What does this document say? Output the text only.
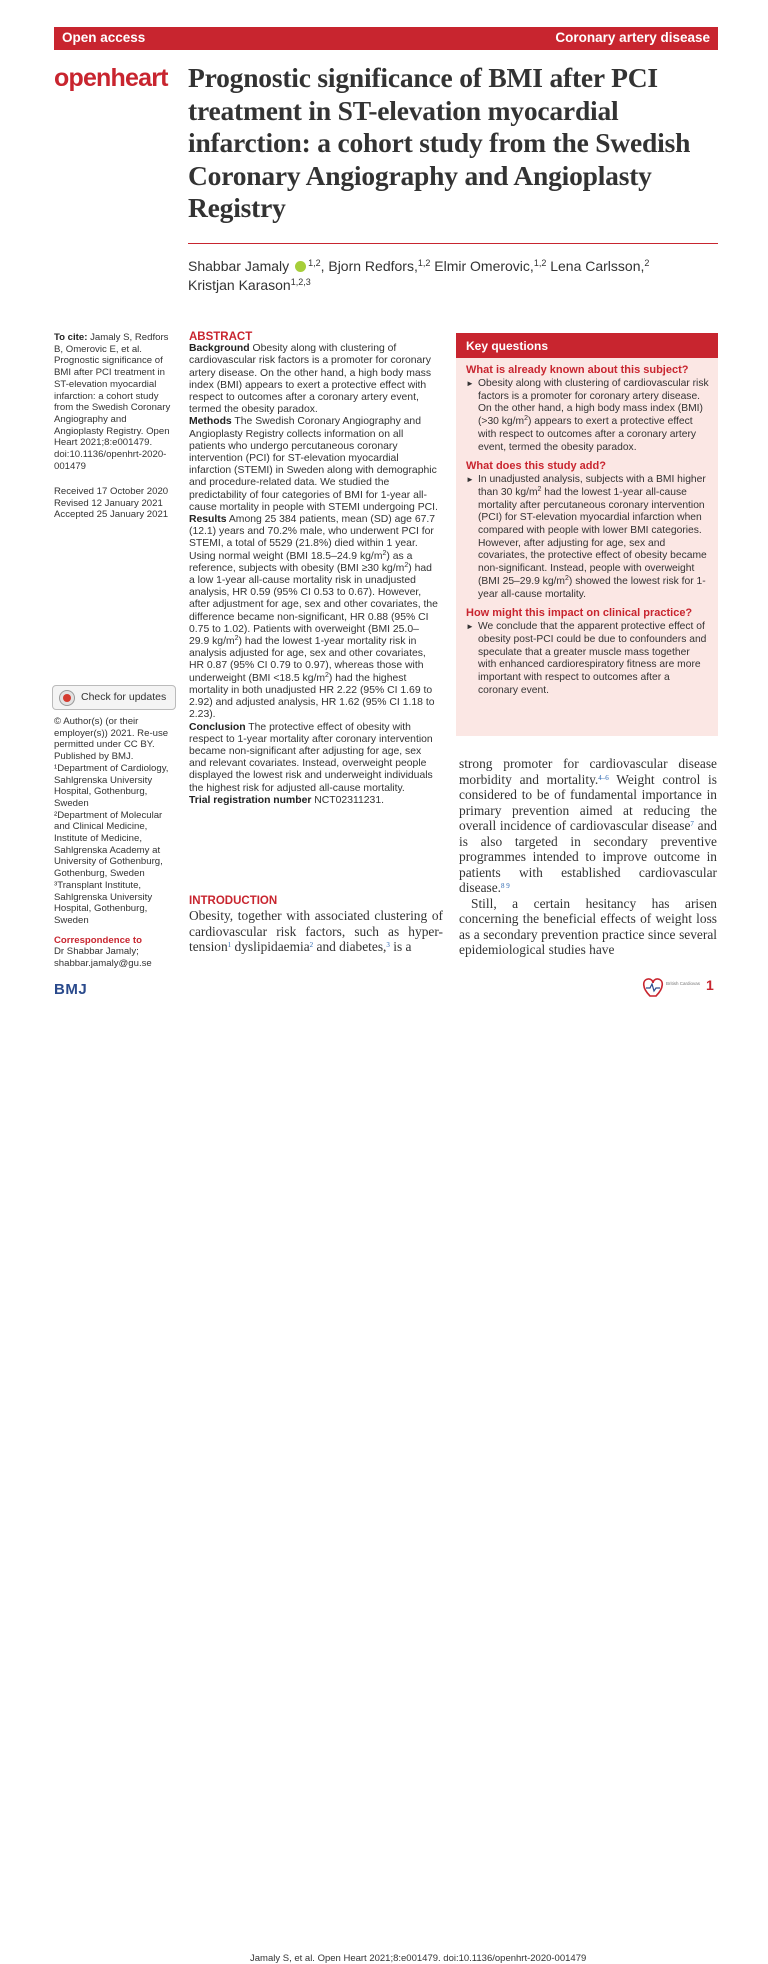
Open access	Coronary artery disease
openheart Prognostic significance of BMI after PCI treatment in ST-elevation myocardial infarction: a cohort study from the Swedish Coronary Angiography and Angioplasty Registry
Shabbar Jamaly $^{1,2}$, Bjorn Redfors,$^{1,2}$ Elmir Omerovic,$^{1,2}$ Lena Carlsson,$^2$
Kristjan Karason$^{1,2,3}$

To cite: Jamaly S, Redfors B, Omerovic E, et al. Prognostic significance of BMI after PCI treatment in ST-elevation myocardial infarction: a cohort study from the Swedish Coronary Angiography and Angioplasty Registry. Open Heart 2021;8:e001479. doi:10.1136/openhrt-2020-001479

Received 17 October 2020

Revised 12 January 2021

Accepted 25 January 2021

Check for updates

© Author(s) (or their employer(s)) 2021. Re-use permitted under CC BY. Published by BMJ.

¹Department of Cardiology, Sahlgrenska University Hospital, Gothenburg, Sweden

²Department of Molecular and Clinical Medicine, Institute of Medicine, Sahlgrenska Academy at University of Gothenburg, Gothenburg, Sweden

³Transplant Institute, Sahlgrenska University Hospital, Gothenburg, Sweden

Correspondence to

Dr Shabbar Jamaly; shabbar.jamaly@gu.se

ABSTRACT

Background Obesity along with clustering of cardiovascular risk factors is a promoter for coronary artery disease. On the other hand, a high body mass index (BMI) appears to exert a protective effect with respect to outcomes after a coronary artery event, termed the obesity paradox.

Methods The Swedish Coronary Angiography and Angioplasty Registry collects information on all patients who undergo percutaneous coronary intervention (PCI) for ST-elevation myocardial infarction (STEMI) in Sweden along with demographic and procedure-related data. We studied the predictability of four categories of BMI for 1-year all-cause mortality in people with STEMI undergoing PCI.

Results Among 25 384 patients, mean (SD) age 67.7 (12.1) years and 70.2% male, who underwent PCI for STEMI, a total of 5529 (21.8%) died within 1 year. Using normal weight (BMI 18.5–24.9 $kg/m^2$) as a reference, subjects with obesity (BMI ≥30 $kg/m^2$) had a low 1-year all-cause mortality risk in unadjusted analysis, HR 0.59 (95% CI 0.53 to 0.67). However, after adjustment for age, sex and other covariates, the difference became non-significant, HR 0.88 (95% CI 0.75 to 1.02). Patients with overweight (BMI 25.0–29.9 $kg/m^2$) had the lowest 1-year mortality risk in analysis adjusted for age, sex and other covariates, HR 0.87 (95% CI 0.79 to 0.97), whereas those with underweight (BMI <18.5 $kg/m^2$) had the highest mortality in both unadjusted HR 2.22 (95% CI 1.69 to 2.92) and adjusted analysis, HR 1.62 (95% CI 1.18 to 2.23).

Conclusion The protective effect of obesity with respect to 1-year mortality after coronary intervention became non-significant after adjusting for age, sex and relevant covariates. Instead, overweight people displayed the lowest risk and underweight individuals the highest risk for adjusted all-cause mortality.

Trial registration number NCT02311231.

INTRODUCTION

Obesity, together with associated clustering of cardiovascular risk factors, such as hyper-tension$^1$ dyslipidaemia$^2$ and diabetes,$^3$ is a

Key questions

What is already known about this subject?

► Obesity along with clustering of cardiovascular risk factors is a promoter for coronary artery disease. On the other hand, a high body mass index (BMI) (>30 $kg/m^2$) appears to exert a protective effect with respect to outcomes after a coronary artery event, termed the obesity paradox.

What does this study add?

► In unadjusted analysis, subjects with a BMI higher than 30 $kg/m^2$ had the lowest 1-year all-cause mortality after percutaneous coronary intervention (PCI) for ST-elevation myocardial infarction when compared with people with lower BMI categories. However, after adjusting for age, sex and covariates, the protective effect of obesity became non-significant. Instead, people with overweight (BMI 25–29.9 $kg/m^2$) showed the lowest risk for 1-year all-cause mortality.

How might this impact on clinical practice?

► We conclude that the apparent protective effect of obesity post-PCI could be due to confounders and speculate that a greater muscle mass together with enhanced cardiorespiratory fitness are more important with respect to outcomes after a coronary event.

strong promoter for cardiovascular disease morbidity and mortality.$^{4-6}$ Weight control is considered to be of fundamental importance in primary prevention aimed at reducing the overall incidence of cardiovascular disease$^7$ and is also targeted in secondary preventive programmes intended to improve outcome in patients with established cardiovascular disease.$^{8 9}$

Still, a certain hesitancy has arisen concerning the beneficial effects of weight loss as a secondary prevention practice since several epidemiological studies have

BMJ
Jamaly S, et al. Open Heart 2021;8:e001479. doi:10.1136/openhrt-2020-001479
British Cardiovas 1
